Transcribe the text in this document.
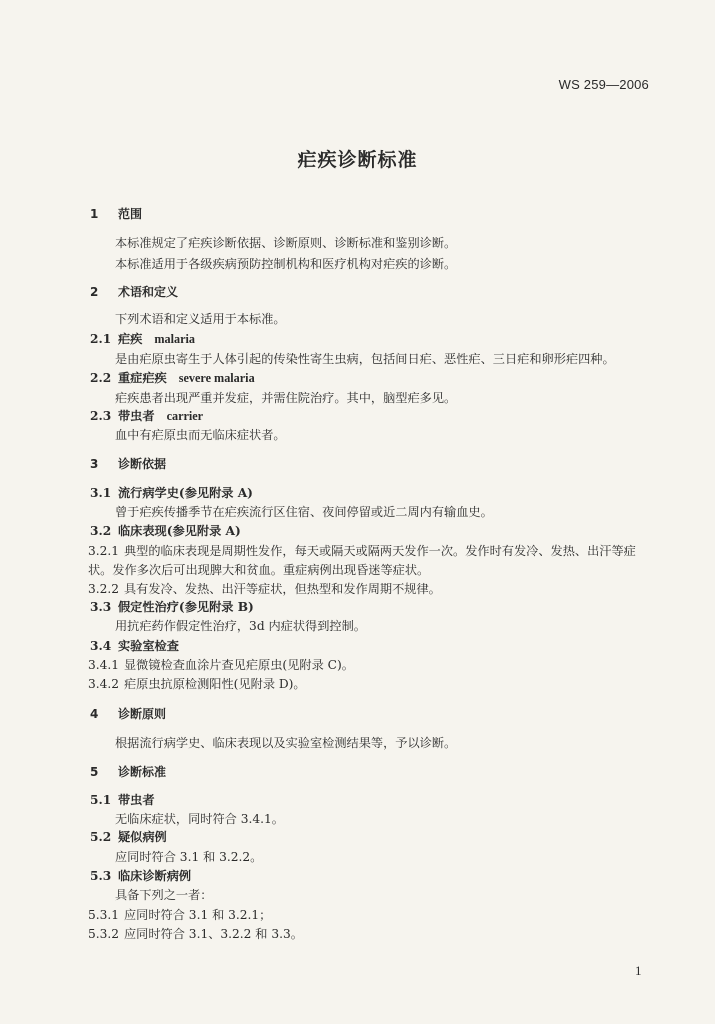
WS 259—2006
疟疾诊断标准
1 范围
本标准规定了疟疾诊断依据、诊断原则、诊断标准和鉴别诊断。
本标准适用于各级疾病预防控制机构和医疗机构对疟疾的诊断。
2 术语和定义
下列术语和定义适用于本标准。
2.1 疟疾 malaria
是由疟原虫寄生于人体引起的传染性寄生虫病，包括间日疟、恶性疟、三日疟和卵形疟四种。
2.2 重症疟疾 severe malaria
疟疾患者出现严重并发症，并需住院治疗。其中，脑型疟多见。
2.3 带虫者 carrier
血中有疟原虫而无临床症状者。
3 诊断依据
3.1 流行病学史(参见附录 A)
曾于疟疾传播季节在疟疾流行区住宿、夜间停留或近二周内有输血史。
3.2 临床表现(参见附录 A)
3.2.1 典型的临床表现是周期性发作，每天或隔天或隔两天发作一次。发作时有发冷、发热、出汗等症
状。发作多次后可出现脾大和贫血。重症病例出现昏迷等症状。
3.2.2 具有发冷、发热、出汗等症状，但热型和发作周期不规律。
3.3 假定性治疗(参见附录 B)
用抗疟药作假定性治疗，3d 内症状得到控制。
3.4 实验室检查
3.4.1 显微镜检查血涂片查见疟原虫(见附录 C)。
3.4.2 疟原虫抗原检测阳性(见附录 D)。
4 诊断原则
根据流行病学史、临床表现以及实验室检测结果等，予以诊断。
5 诊断标准
5.1 带虫者
无临床症状，同时符合 3.4.1。
5.2 疑似病例
应同时符合 3.1 和 3.2.2。
5.3 临床诊断病例
具备下列之一者：
5.3.1 应同时符合 3.1 和 3.2.1；
5.3.2 应同时符合 3.1、3.2.2 和 3.3。
1
